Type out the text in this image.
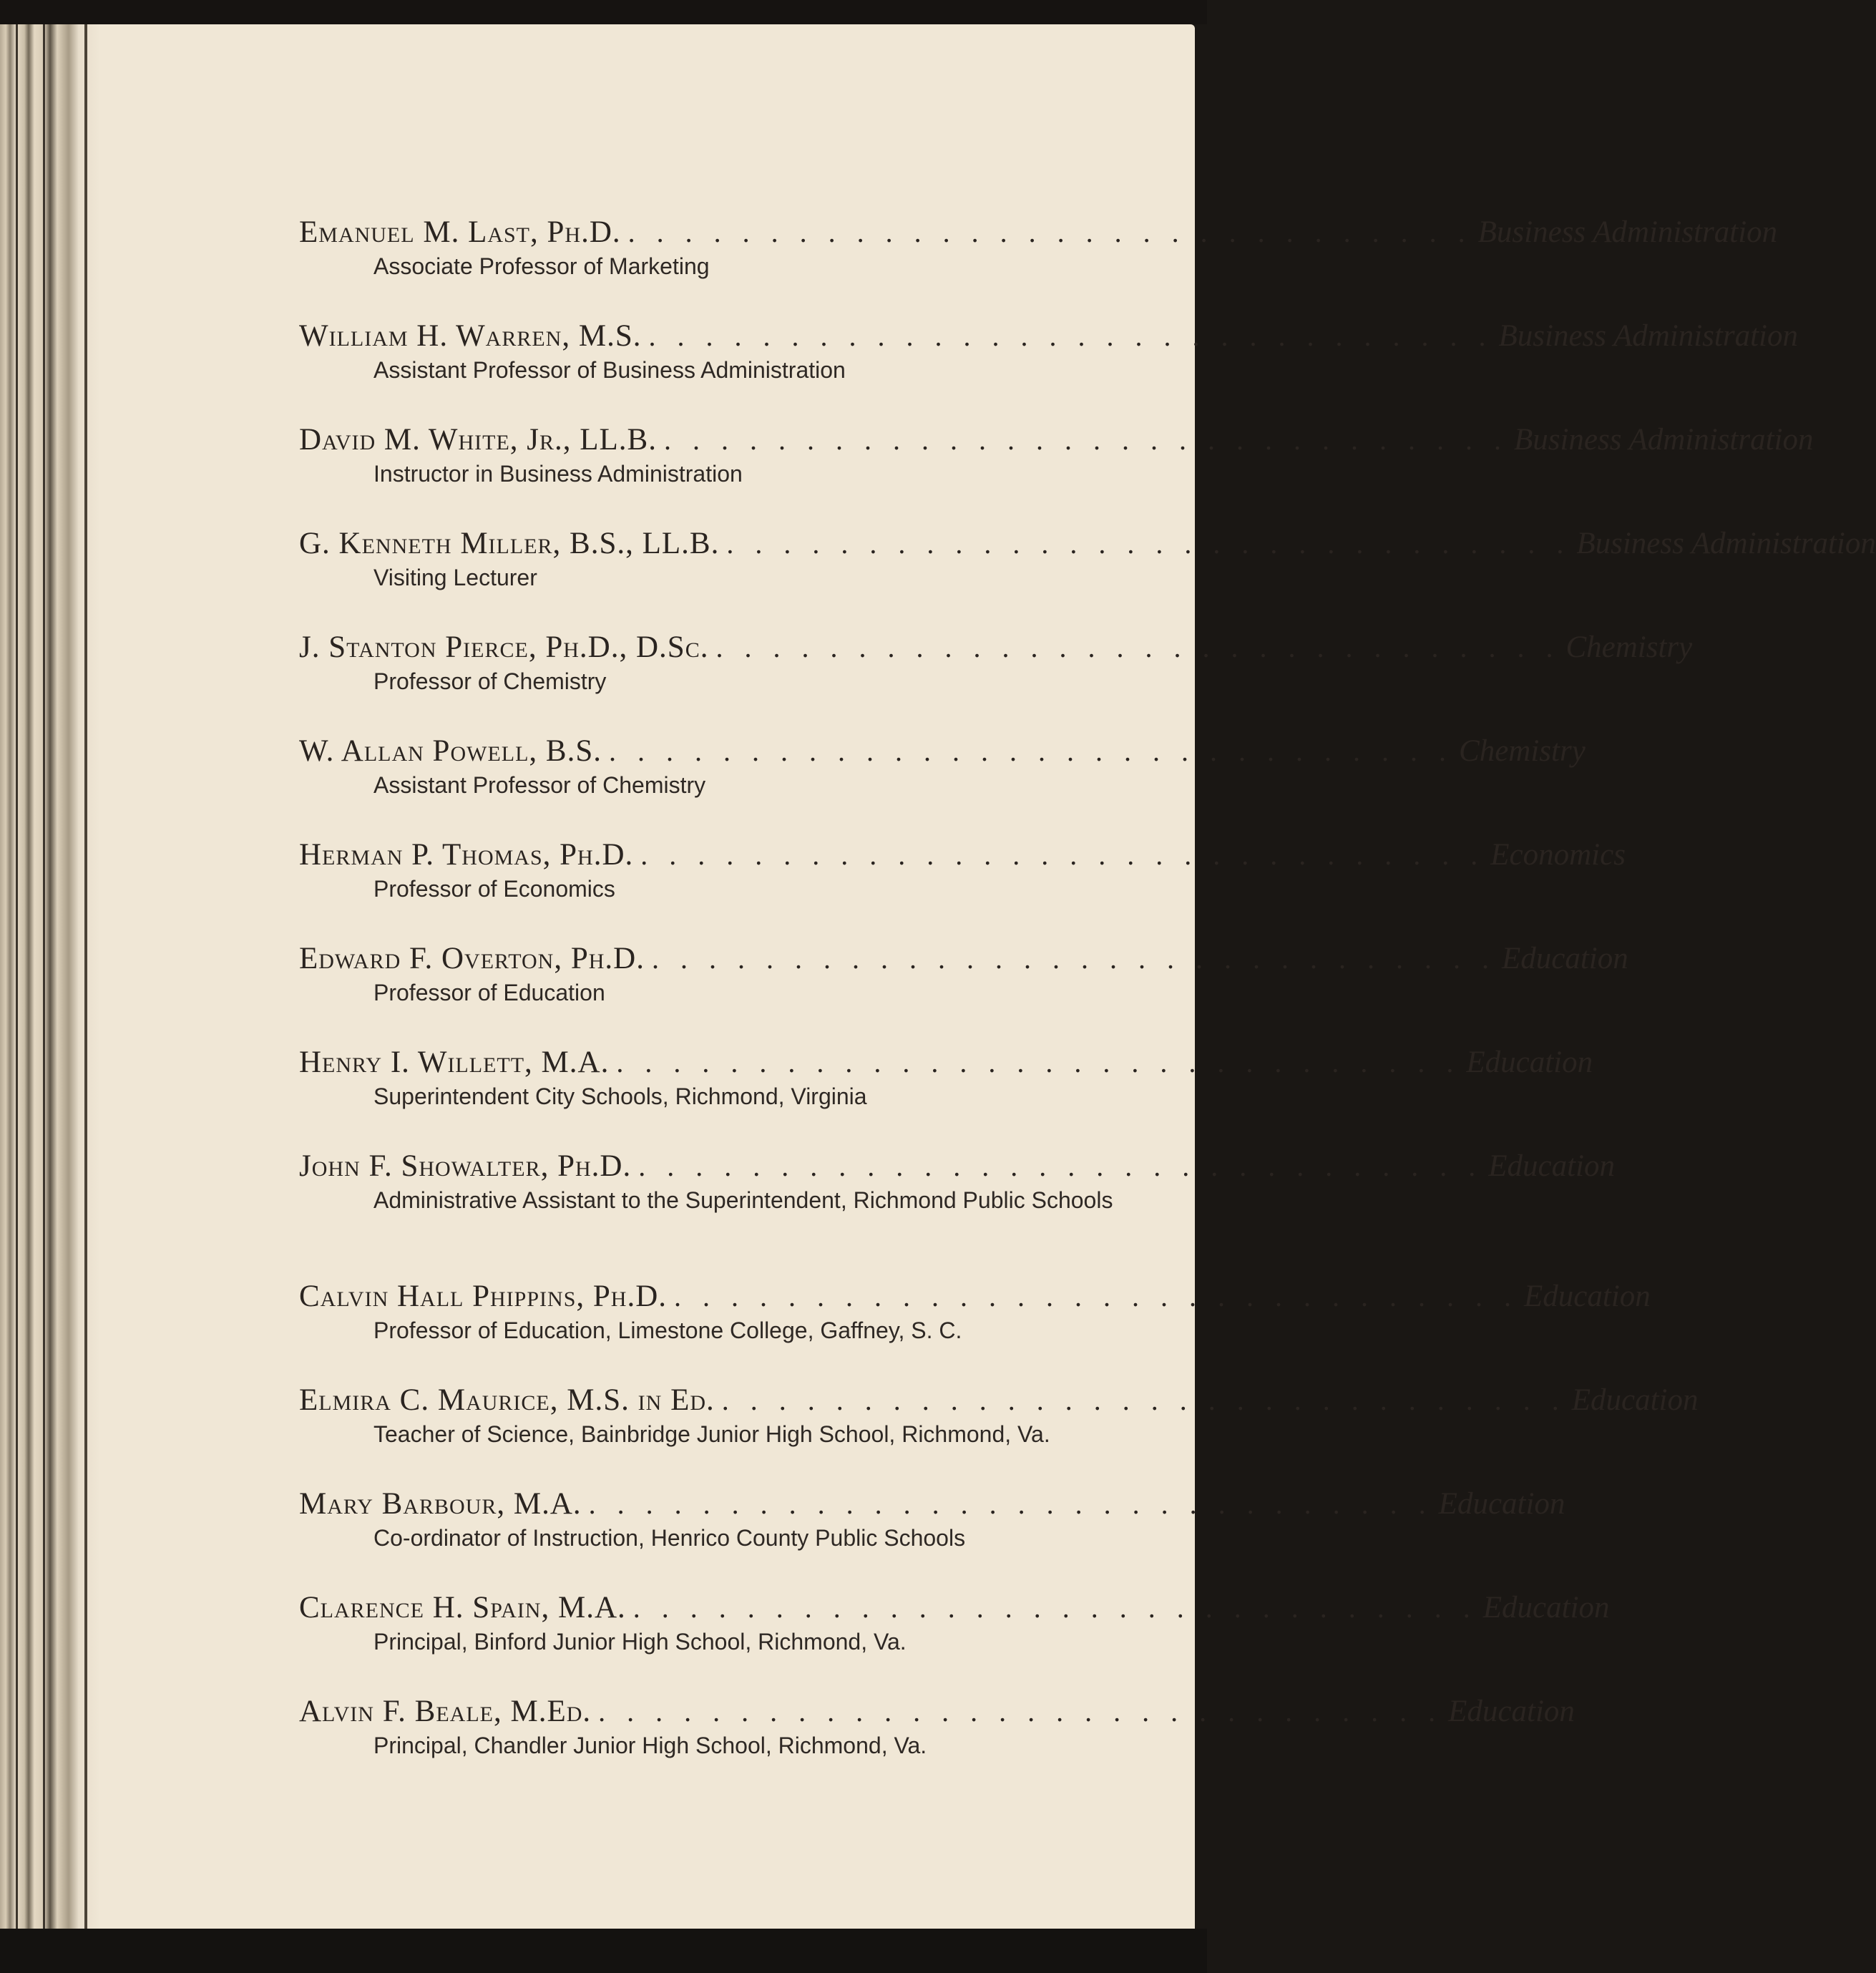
Emanuel M. Last, Ph.D. . . . . . . . . . . . . . . . . . . . . . . . . . . . . . . Business Administration
Associate Professor of Marketing
William H. Warren, M.S. . . . . . . . . . . . . . . . . . . . . . . . . . . . . . . Business Administration
Assistant Professor of Business Administration
David M. White, Jr., LL.B. . . . . . . . . . . . . . . . . . . . . . . . . . . . . . . Business Administration
Instructor in Business Administration
G. Kenneth Miller, B.S., LL.B. . . . . . . . . . . . . . . . . . . . . . . . . . . . . . . Business Administration
Visiting Lecturer
J. Stanton Pierce, Ph.D., D.Sc. . . . . . . . . . . . . . . . . . . . . . . . . . . . . . . Chemistry
Professor of Chemistry
W. Allan Powell, B.S. . . . . . . . . . . . . . . . . . . . . . . . . . . . . . . Chemistry
Assistant Professor of Chemistry
Herman P. Thomas, Ph.D. . . . . . . . . . . . . . . . . . . . . . . . . . . . . . . Economics
Professor of Economics
Edward F. Overton, Ph.D. . . . . . . . . . . . . . . . . . . . . . . . . . . . . . . Education
Professor of Education
Henry I. Willett, M.A. . . . . . . . . . . . . . . . . . . . . . . . . . . . . . . Education
Superintendent City Schools, Richmond, Virginia
John F. Showalter, Ph.D. . . . . . . . . . . . . . . . . . . . . . . . . . . . . . . Education
Administrative Assistant to the Superintendent, Richmond Public Schools
Calvin Hall Phippins, Ph.D. . . . . . . . . . . . . . . . . . . . . . . . . . . . . . . Education
Professor of Education, Limestone College, Gaffney, S. C.
Elmira C. Maurice, M.S. in Ed. . . . . . . . . . . . . . . . . . . . . . . . . . . . . . . Education
Teacher of Science, Bainbridge Junior High School, Richmond, Va.
Mary Barbour, M.A. . . . . . . . . . . . . . . . . . . . . . . . . . . . . . . Education
Co-ordinator of Instruction, Henrico County Public Schools
Clarence H. Spain, M.A. . . . . . . . . . . . . . . . . . . . . . . . . . . . . . . Education
Principal, Binford Junior High School, Richmond, Va.
Alvin F. Beale, M.Ed. . . . . . . . . . . . . . . . . . . . . . . . . . . . . . . Education
Principal, Chandler Junior High School, Richmond, Va.
